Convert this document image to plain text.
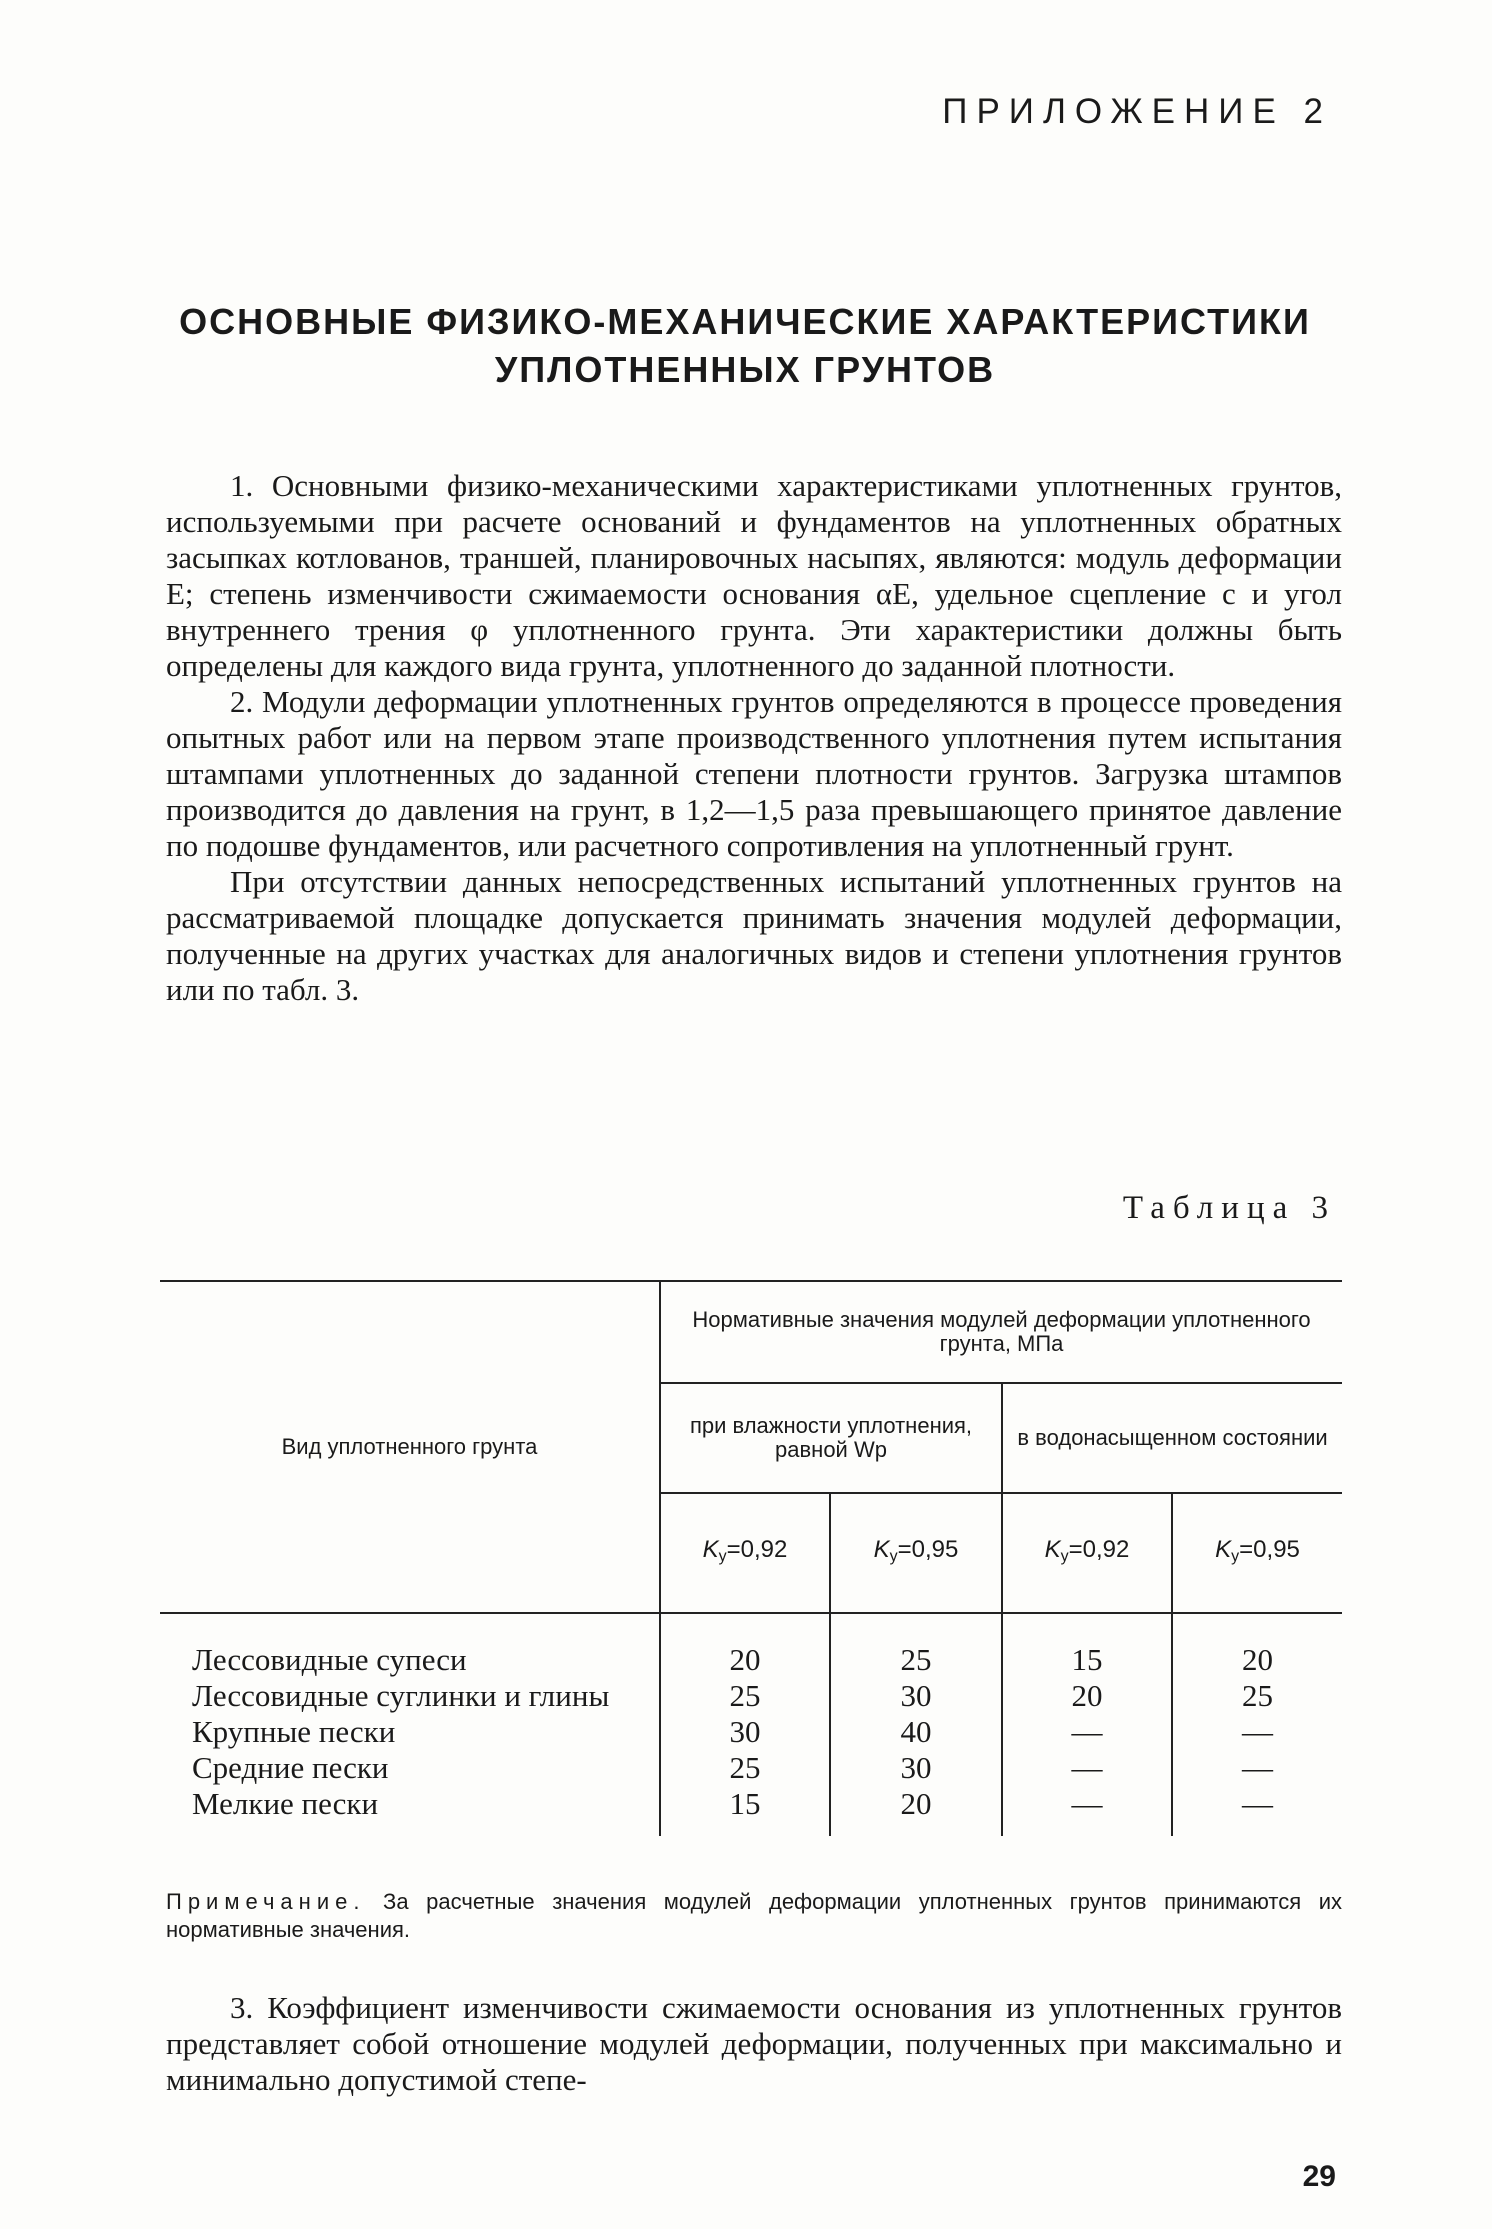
ПРИЛОЖЕНИЕ 2
ОСНОВНЫЕ ФИЗИКО-МЕХАНИЧЕСКИЕ ХАРАКТЕРИСТИКИ
УПЛОТНЕННЫХ ГРУНТОВ

1. Основными физико-механическими характеристиками уплотненных грунтов, используемыми при расчете оснований и фундаментов на уплотненных обратных засыпках котлованов, траншей, планировочных насыпях, являются: модуль деформации E; степень изменчивости сжимаемости основания αE, удельное сцепление c и угол внутреннего трения φ уплотненного грунта. Эти характеристики должны быть определены для каждого вида грунта, уплотненного до заданной плотности.

2. Модули деформации уплотненных грунтов определяются в процессе проведения опытных работ или на первом этапе производственного уплотнения путем испытания штампами уплотненных до заданной степени плотности грунтов. Загрузка штампов производится до давления на грунт, в 1,2—1,5 раза превышающего принятое давление по подошве фундаментов, или расчетного сопротивления на уплотненный грунт.

При отсутствии данных непосредственных испытаний уплотненных грунтов на рассматриваемой площадке допускается принимать значения модулей деформации, полученные на других участках для аналогичных видов и степени уплотнения грунтов или по табл. 3.

Таблица 3
Вид уплотненного грунта	Нормативные значения модулей деформации уплотненного грунта, МПа			

	при влажности уплотнения, равной Wp		в водонасыщенном состоянии	

	$K_y=0,92$	$K_y=0,95$	$K_y=0,92$	$K_y=0,95$
Лессовидные супеси	20	25	15	20
Лессовидные суглинки и глины	25	30	20	25
Крупные пески	30	40	—	—
Средние пески	25	30	—	—
Мелкие пески	15	20	—	—
Примечание. За расчетные значения модулей деформации уплотненных грунтов принимаются их нормативные значения.
3. Коэффициент изменчивости сжимаемости основания из уплотненных грунтов представляет собой отношение модулей деформации, полученных при максимально и минимально допустимой степе-
29
